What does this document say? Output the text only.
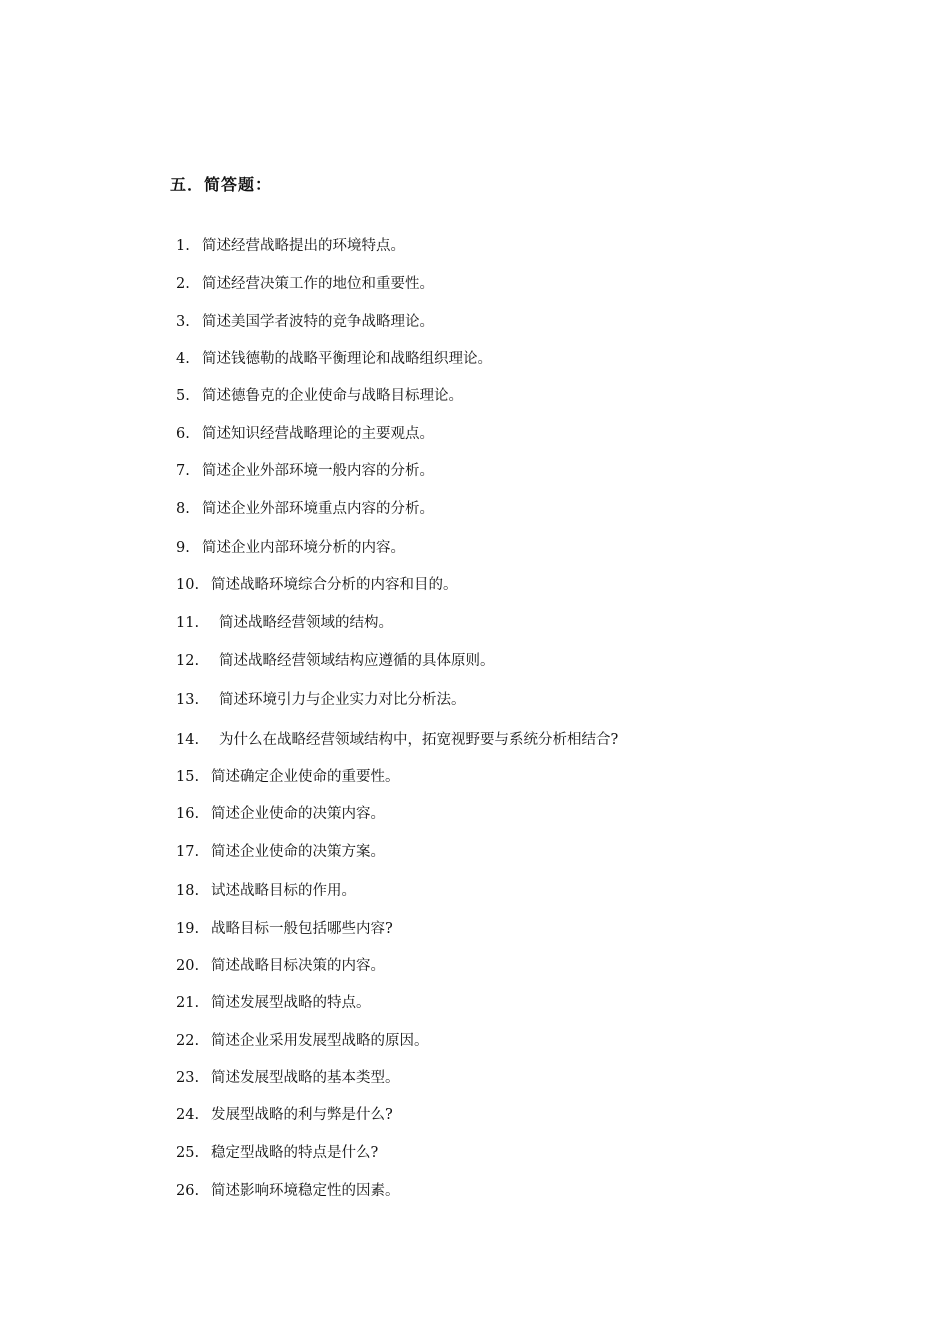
五．简答题：
1. 简述经营战略提出的环境特点。
2. 简述经营决策工作的地位和重要性。
3. 简述美国学者波特的竞争战略理论。
4. 简述钱德勒的战略平衡理论和战略组织理论。
5. 简述德鲁克的企业使命与战略目标理论。
6. 简述知识经营战略理论的主要观点。
7. 简述企业外部环境一般内容的分析。
8. 简述企业外部环境重点内容的分析。
9. 简述企业内部环境分析的内容。
10. 简述战略环境综合分析的内容和目的。
11. 简述战略经营领域的结构。
12. 简述战略经营领域结构应遵循的具体原则。
13. 简述环境引力与企业实力对比分析法。
14. 为什么在战略经营领域结构中，拓宽视野要与系统分析相结合?
15. 简述确定企业使命的重要性。
16. 简述企业使命的决策内容。
17. 简述企业使命的决策方案。
18. 试述战略目标的作用。
19. 战略目标一般包括哪些内容?
20. 简述战略目标决策的内容。
21. 简述发展型战略的特点。
22. 简述企业采用发展型战略的原因。
23. 简述发展型战略的基本类型。
24. 发展型战略的利与弊是什么?
25. 稳定型战略的特点是什么?
26. 简述影响环境稳定性的因素。
